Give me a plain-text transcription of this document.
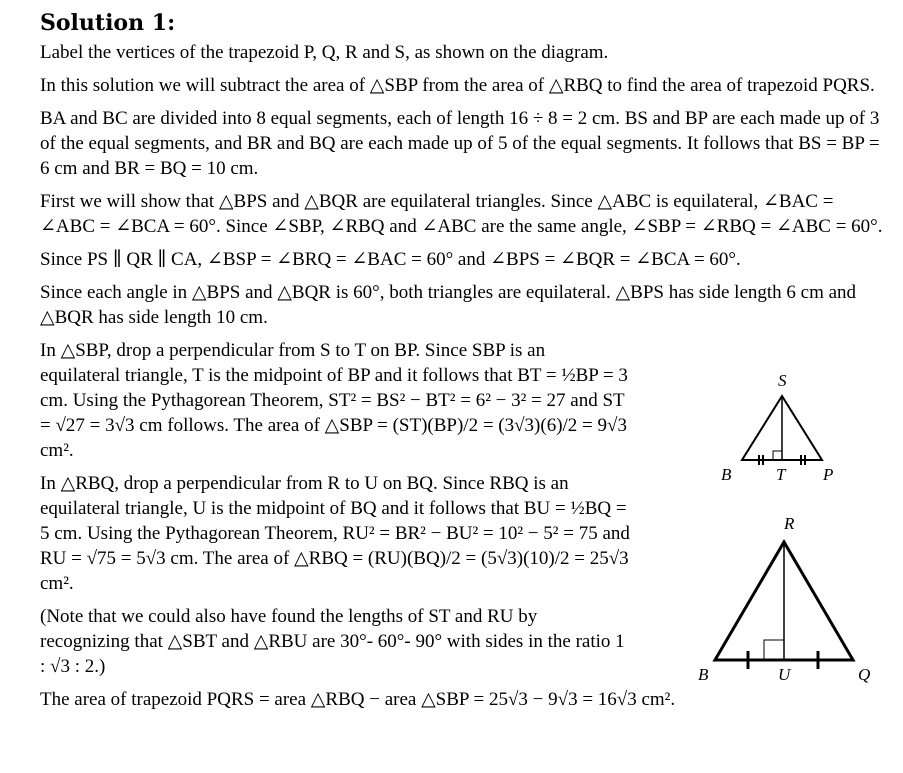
Solution 1:

Label the vertices of the trapezoid P, Q, R and S, as shown on the diagram.

In this solution we will subtract the area of △SBP from the area of △RBQ to find the area of trapezoid PQRS.

BA and BC are divided into 8 equal segments, each of length 16 ÷ 8 = 2 cm. BS and BP are each made up of 3 of the equal segments, and BR and BQ are each made up of 5 of the equal segments. It follows that BS = BP = 6 cm and BR = BQ = 10 cm.

First we will show that △BPS and △BQR are equilateral triangles. Since △ABC is equilateral, ∠BAC = ∠ABC = ∠BCA = 60°. Since ∠SBP, ∠RBQ and ∠ABC are the same angle, ∠SBP = ∠RBQ = ∠ABC = 60°.

Since PS ∥ QR ∥ CA, ∠BSP = ∠BRQ = ∠BAC = 60° and ∠BPS = ∠BQR = ∠BCA = 60°.

Since each angle in △BPS and △BQR is 60°, both triangles are equilateral. △BPS has side length 6 cm and △BQR has side length 10 cm.

In △SBP, drop a perpendicular from S to T on BP. Since SBP is an equilateral triangle, T is the midpoint of BP and it follows that BT = ½BP = 3 cm. Using the Pythagorean Theorem, ST² = BS² − BT² = 6² − 3² = 27 and ST = √27 = 3√3 cm follows. The area of △SBP = (ST)(BP)/2 = (3√3)(6)/2 = 9√3 cm².

In △RBQ, drop a perpendicular from R to U on BQ. Since RBQ is an equilateral triangle, U is the midpoint of BQ and it follows that BU = ½BQ = 5 cm. Using the Pythagorean Theorem, RU² = BR² − BU² = 10² − 5² = 75 and RU = √75 = 5√3 cm. The area of △RBQ = (RU)(BQ)/2 = (5√3)(10)/2 = 25√3 cm².

(Note that we could also have found the lengths of ST and RU by recognizing that △SBT and △RBU are 30°- 60°- 90° with sides in the ratio 1 : √3 : 2.)

The area of trapezoid PQRS = area △RBQ − area △SBP = 25√3 − 9√3 = 16√3 cm².

S
B	T P
R
B	U	Q
